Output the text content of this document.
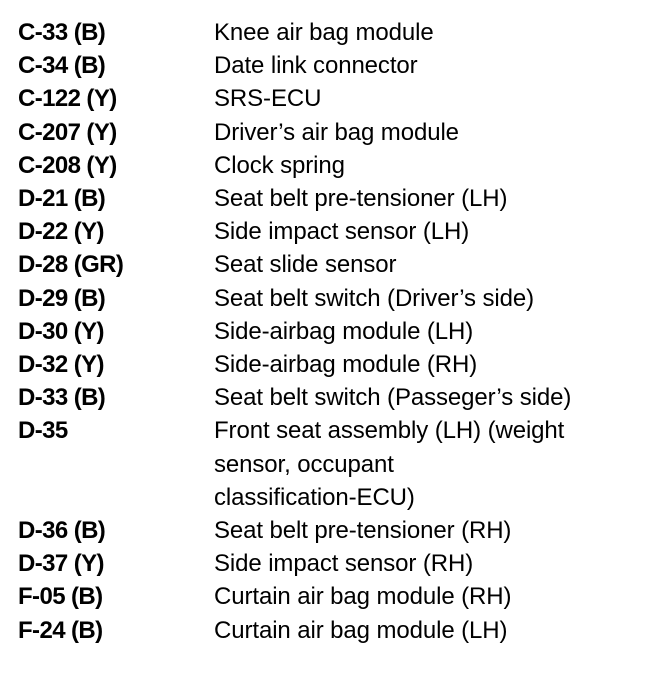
C-33 (B)	Knee air bag module
C-34 (B)	Date link connector
C-122 (Y)	SRS-ECU
C-207 (Y)	Driver’s air bag module
C-208 (Y)	Clock spring
D-21 (B)	Seat belt pre-tensioner (LH)
D-22 (Y)	Side impact sensor (LH)
D-28 (GR)	Seat slide sensor
D-29 (B)	Seat belt switch (Driver’s side)
D-30 (Y)	Side-airbag module (LH)
D-32 (Y)	Side-airbag module (RH)
D-33 (B)	Seat belt switch (Passeger’s side)
D-35	Front seat assembly (LH) (weight
sensor, occupant
classification-ECU)
D-36 (B)	Seat belt pre-tensioner (RH)
D-37 (Y)	Side impact sensor (RH)
F-05 (B)	Curtain air bag module (RH)
F-24 (B)	Curtain air bag module (LH)
